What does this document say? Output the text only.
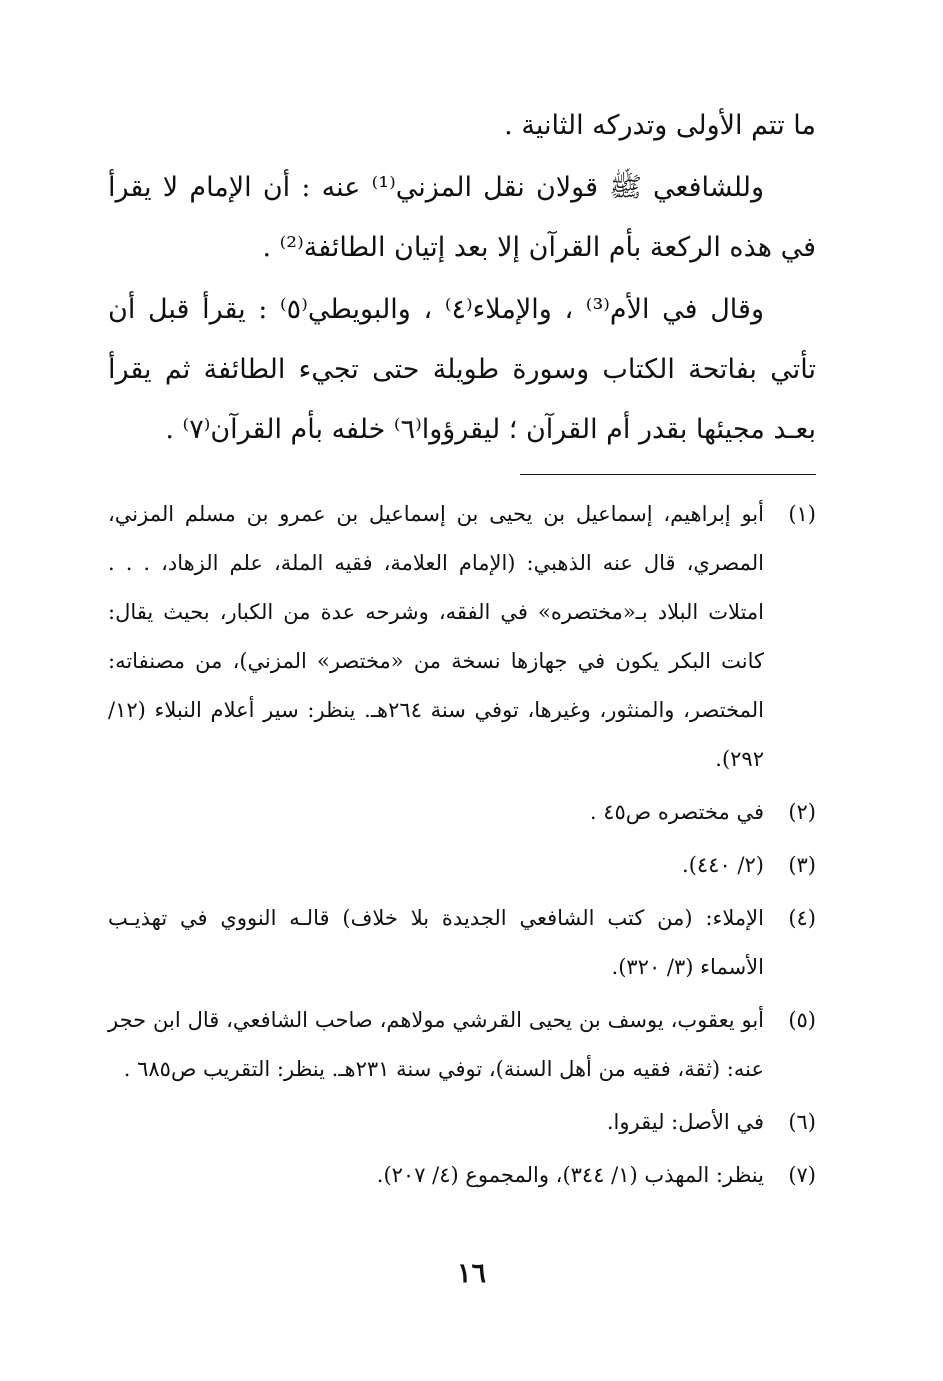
ما تتم الأولى وتدركه الثانية .

وللشافعي ﷺ قولان نقل المزني⁽¹⁾ عنه : أن الإمام لا يقرأ في هذه الركعة بأم القرآن إلا بعد إتيان الطائفة⁽²⁾ .

وقال في الأم⁽³⁾ ، والإملاء⁽٤⁾ ، والبويطي⁽٥⁾ : يقرأ قبل أن تأتي بفاتحة الكتاب وسورة طويلة حتى تجيء الطائفة ثم يقرأ بعـد مجيئها بقدر أم القرآن ؛ ليقرؤوا⁽٦⁾ خلفه بأم القرآن⁽٧⁾ .

(١)
أبو إبراهيم، إسماعيل بن يحيى بن إسماعيل بن عمرو بن مسلم المزني، المصري، قال عنه الذهبي: (الإمام العلامة، فقيه الملة، علم الزهاد، . . . امتلات البلاد بـ«مختصره» في الفقه، وشرحه عدة من الكبار، بحيث يقال: كانت البكر يكون في جهازها نسخة من «مختصر» المزني)، من مصنفاته: المختصر، والمنثور، وغيرها، توفي سنة ٢٦٤هـ. ينظر: سير أعلام النبلاء (١٢/ ٢٩٢).
(٢)
في مختصره ص٤٥ .
(٣)
(٢/ ٤٤٠).
(٤)
الإملاء: (من كتب الشافعي الجديدة بلا خلاف) قالـه النووي في تهذيـب الأسماء (٣/ ٣٢٠).
(٥)
أبو يعقوب، يوسف بن يحيى القرشي مولاهم، صاحب الشافعي، قال ابن حجر عنه: (ثقة، فقيه من أهل السنة)، توفي سنة ٢٣١هـ. ينظر: التقريب ص٦٨٥ .
(٦)
في الأصل: ليقروا.
(٧)
ينظر: المهذب (١/ ٣٤٤)، والمجموع (٤/ ٢٠٧).
١٦
